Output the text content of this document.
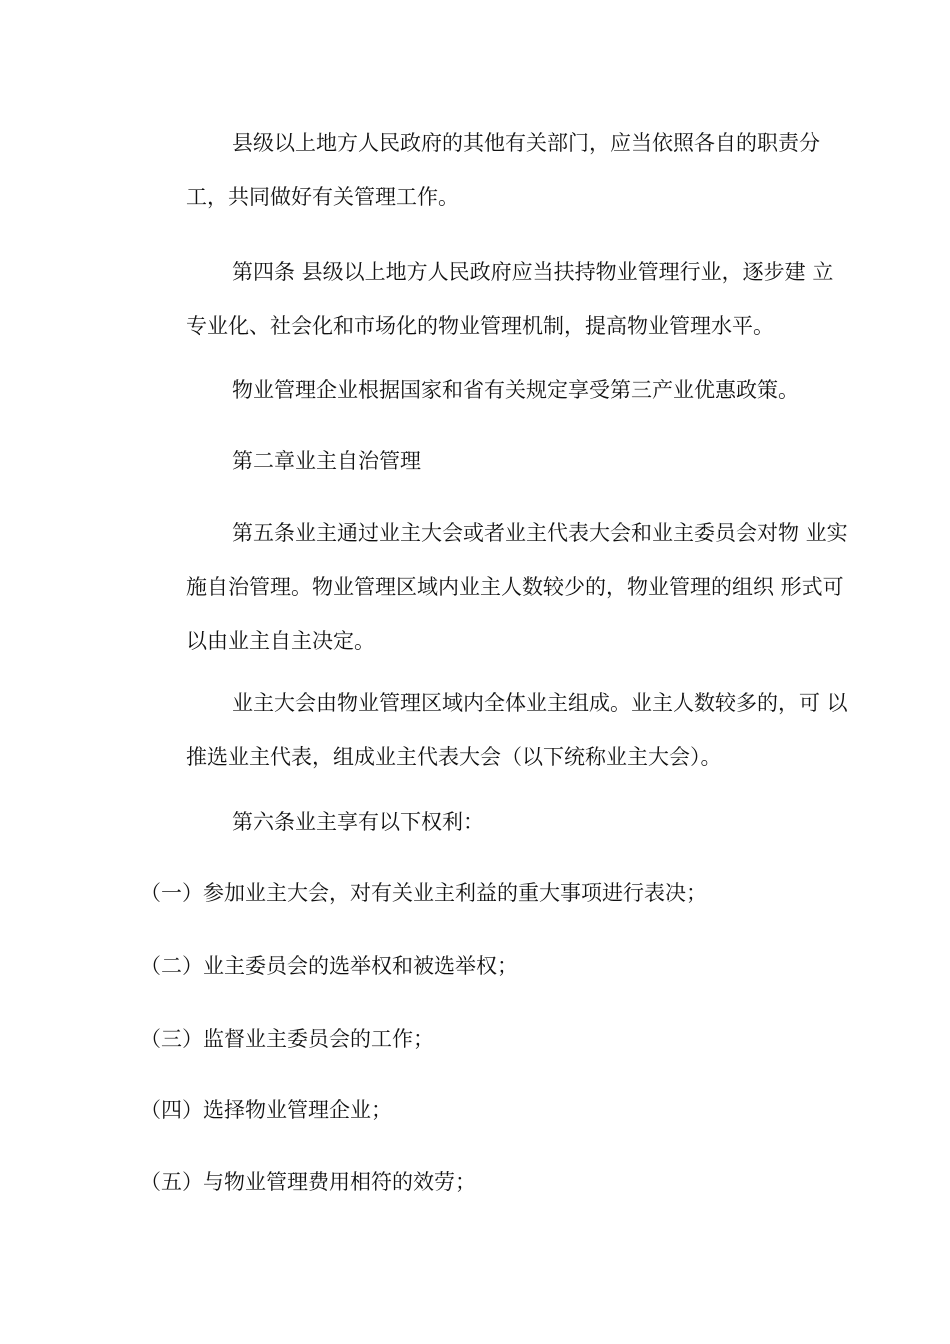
县级以上地方人民政府的其他有关部门，应当依照各自的职责分
工，共同做好有关管理工作。
第四条 县级以上地方人民政府应当扶持物业管理行业，逐步建 立
专业化、社会化和市场化的物业管理机制，提高物业管理水平。
物业管理企业根据国家和省有关规定享受第三产业优惠政策。
第二章业主自治管理
第五条业主通过业主大会或者业主代表大会和业主委员会对物 业实
施自治管理。物业管理区域内业主人数较少的，物业管理的组织 形式可
以由业主自主决定。
业主大会由物业管理区域内全体业主组成。业主人数较多的，可 以
推选业主代表，组成业主代表大会（以下统称业主大会）。
第六条业主享有以下权利：
（一）参加业主大会，对有关业主利益的重大事项进行表决；
（二）业主委员会的选举权和被选举权；
（三）监督业主委员会的工作；
（四）选择物业管理企业；
（五）与物业管理费用相符的效劳；
